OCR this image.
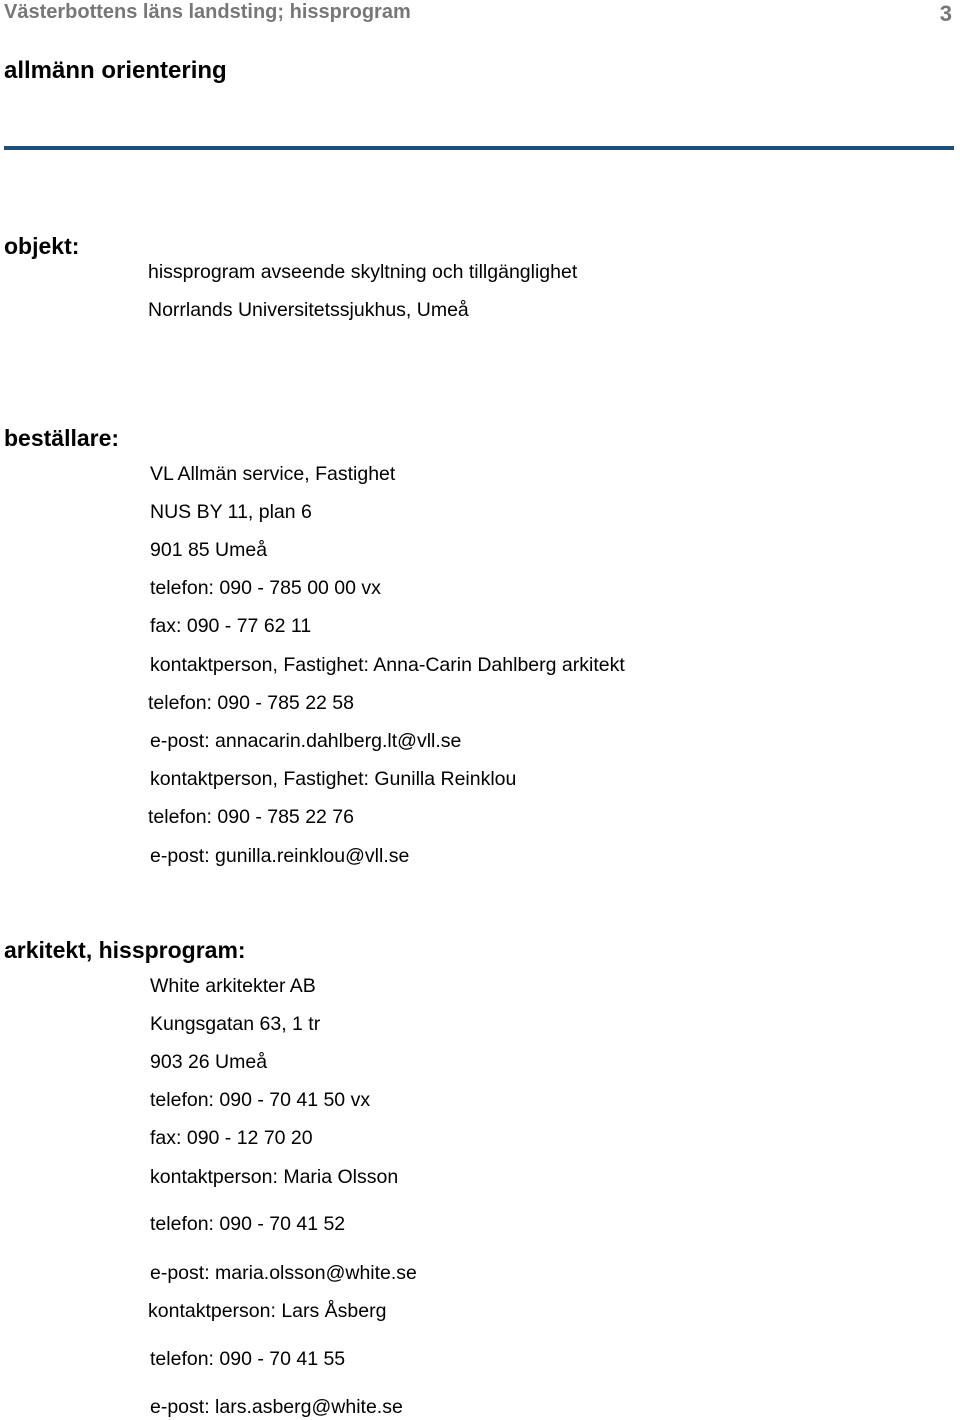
Västerbottens läns landsting; hissprogram	3
allmänn orientering
objekt:
hissprogram avseende skyltning och tillgänglighet
Norrlands Universitetssjukhus, Umeå
beställare:
VL Allmän service, Fastighet
NUS BY 11, plan 6
901 85 Umeå
telefon: 090 - 785 00 00 vx
fax: 090 - 77 62 11
kontaktperson, Fastighet: Anna-Carin Dahlberg arkitekt
telefon: 090 - 785 22 58
e-post: annacarin.dahlberg.lt@vll.se
kontaktperson, Fastighet: Gunilla Reinklou
telefon: 090 - 785 22 76
e-post: gunilla.reinklou@vll.se
arkitekt, hissprogram:
White arkitekter AB
Kungsgatan 63, 1 tr
903 26 Umeå
telefon: 090 - 70 41 50 vx
fax: 090 - 12 70 20
kontaktperson: Maria Olsson
telefon: 090 - 70 41 52
e-post: maria.olsson@white.se
kontaktperson: Lars Åsberg
telefon: 090 - 70 41 55
e-post: lars.asberg@white.se
